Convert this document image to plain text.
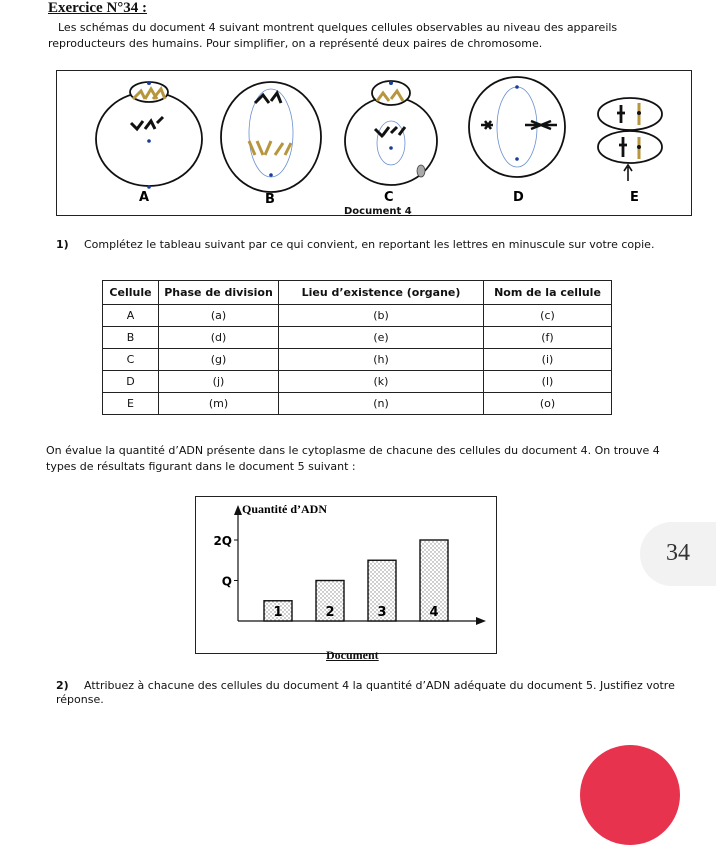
Exercice N°34 :
Les schémas du document 4 suivant montrent quelques cellules observables au niveau des appareils reproducteurs des humains. Pour simplifier, on a représenté deux paires de chromosome.
A	B	C	D	E
Document 4
1) Complétez le tableau suivant par ce qui convient, en reportant les lettres en minuscule sur votre copie.
Cellule	Phase de division	Lieu d’existence (organe)	Nom de la cellule
A	(a)	(b)	(c)
B	(d)	(e)	(f)
C	(g)	(h)	(i)
D	(j)	(k)	(l)
E	(m)	(n)	(o)
On évalue la quantité d’ADN présente dans le cytoplasme de chacune des cellules du document 4. On trouve 4 types de résultats figurant dans le document 5 suivant :
Quantité d’ADN
Q
2Q
1	2	3	4
Document
2) Attribuez à chacune des cellules du document 4 la quantité d’ADN adéquate du document 5. Justifiez votre réponse.
34
